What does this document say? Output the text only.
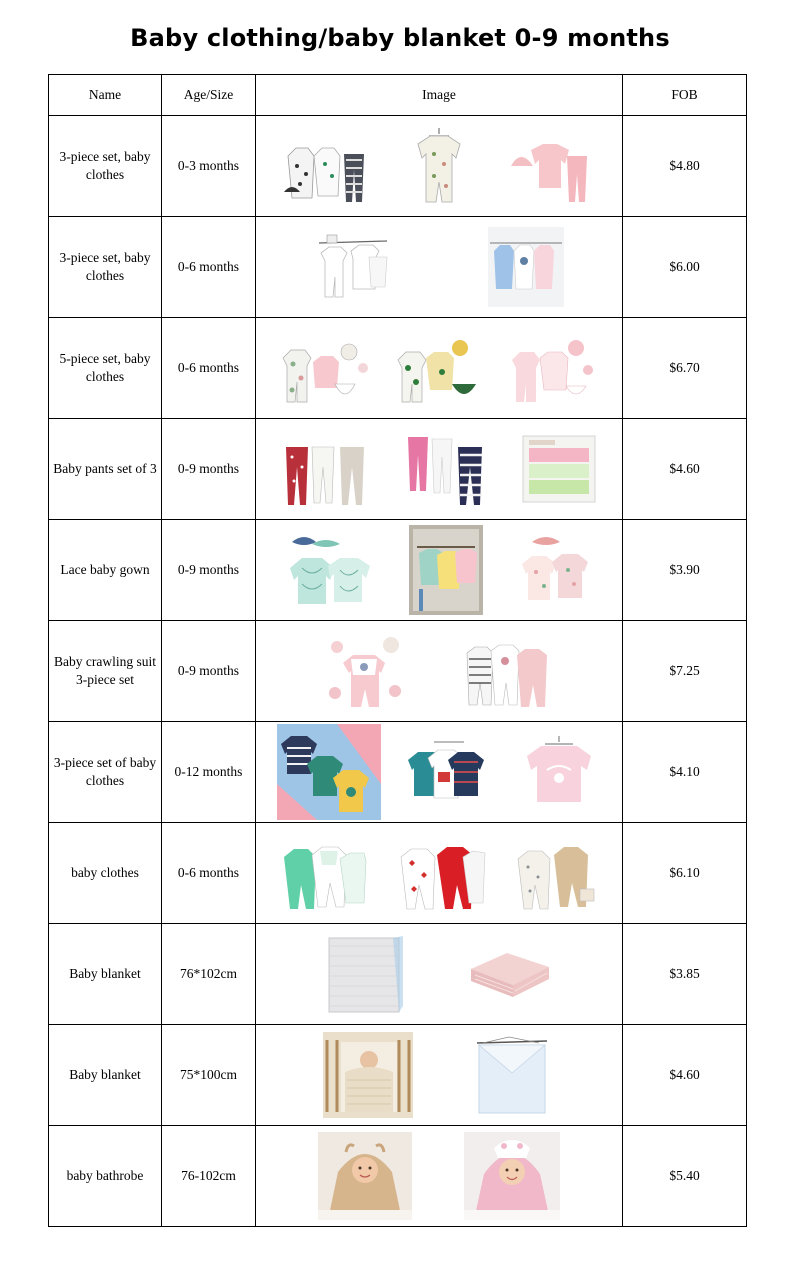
Baby clothing/baby blanket 0-9 months
Name	Age/Size	Image	FOB
3-piece set, baby clothes	0-3 months		$4.80
3-piece set, baby clothes	0-6 months		$6.00
5-piece set, baby clothes	0-6 months		$6.70
Baby pants set of 3	0-9 months		$4.60
Lace baby gown	0-9 months		$3.90
Baby crawling suit 3-piece set	0-9 months		$7.25
3-piece set of baby clothes	0-12 months		$4.10
baby clothes	0-6 months		$6.10
Baby blanket	76*102cm		$3.85
Baby blanket	75*100cm		$4.60
baby bathrobe	76-102cm		$5.40
